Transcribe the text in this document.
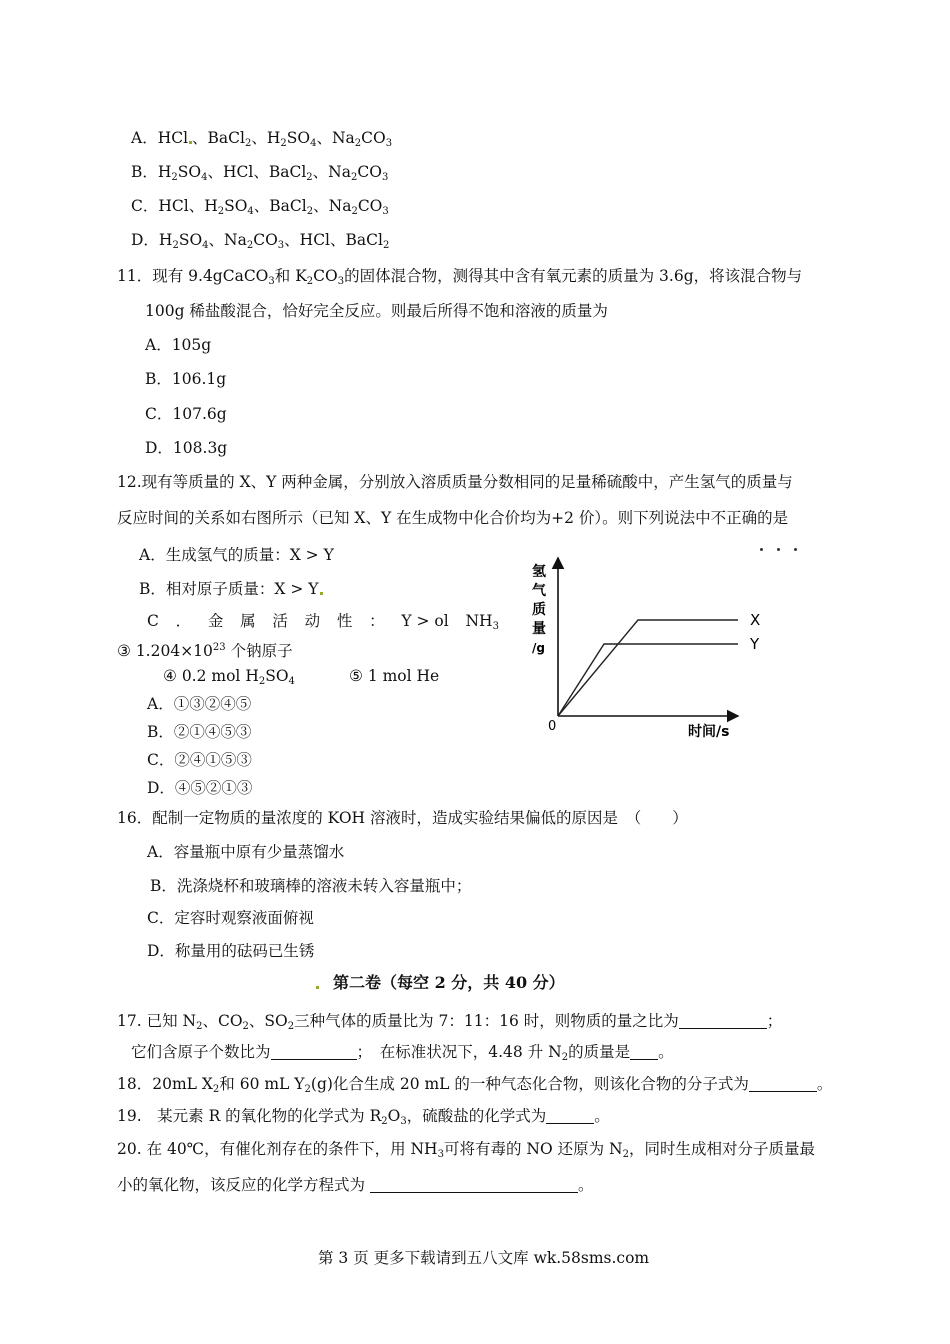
A．HCl 、BaCl$_2$、$H_2SO_4$、$Na_2CO_3$
B．$H_2SO_4$、HCl、BaCl$_2$、$Na_2CO_3$
C．HCl、$H_2SO_4$、BaCl$_2$、$Na_2CO_3$
D．$H_2SO_4$、$Na_2CO_3$、HCl、BaCl$_2$
11．现有 9.4gCaCO$_3$和 $K_2CO_3$的固体混合物，测得其中含有氧元素的质量为 3.6g，将该混合物与
100g 稀盐酸混合，恰好完全反应。则最后所得不饱和溶液的质量为
A．105g
B．106.1g
C．107.6g
D．108.3g
12.现有等质量的 X、Y 两种金属，分别放入溶质质量分数相同的足量稀硫酸中，产生氢气的质量与
反应时间的关系如右图所示（已知 X、Y 在生成物中化合价均为+2 价）。则下列说法中不正确的是
A．生成氢气的质量：X > Y
B．相对原子质量：X > Y
C ． 金 属 活 动 性 ： Y > ol NH3
③ $1.204\times 10^{23}$ 个钠原子
④ 0.2 mol $H_2SO_4$	⑤ 1 mol He
A．①③②④⑤
B．②①④⑤③
C．②④①⑤③
D．④⑤②①③
氢
气
质
量
/g
0	时间/s
X
Y
16．配制一定物质的量浓度的 KOH 溶液时，造成实验结果偏低的原因是　（　　）
A．容量瓶中原有少量蒸馏水
B．洗涤烧杯和玻璃棒的溶液未转入容量瓶中；
C．定容时观察液面俯视
D．称量用的砝码已生锈
第二卷（每空 2 分，共 40 分）
17. 已知 $N_2$、$CO_2$、$SO_2$三种气体的质量比为 7：11：16 时，则物质的量之比为	；
它们含原子个数比为	；　在标准状况下，4.48 升 $N_2$的质量是 。
18．20mL $X_2$和 60 mL $Y_2(g)$化合生成 20 mL 的一种气态化合物，则该化合物的分子式为	。
19.　某元素 R 的氧化物的化学式为 $R_2O_3$，硫酸盐的化学式为	。
20. 在 40℃，有催化剂存在的条件下，用 $NH_3$可将有毒的 NO 还原为 $N_2$，同时生成相对分子质量最
小的氧化物，该反应的化学方程式为	。
第 3 页 更多下载请到五八文库 wk.58sms.com
